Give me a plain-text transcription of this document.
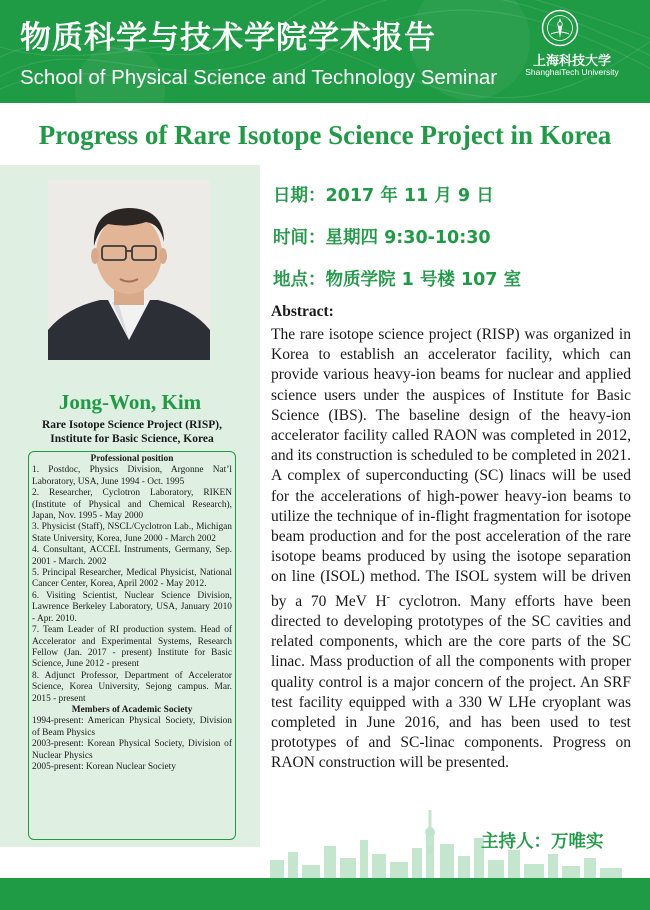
物质科学与技术学院学术报告
School of Physical Science and Technology Seminar
上海科技大学
ShanghaiTech University
Progress of Rare Isotope Science Project in Korea
Jong-Won, Kim
Rare Isotope Science Project (RISP),
Institute for Basic Science, Korea
Professional position
1. Postdoc, Physics Division, Argonne Nat’l Laboratory, USA, June 1994 - Oct. 1995
2. Researcher, Cyclotron Laboratory, RIKEN (Institute of Physical and Chemical Research), Japan, Nov. 1995 - May 2000
3. Physicist (Staff), NSCL/Cyclotron Lab., Michigan State University, Korea, June 2000 - March 2002
4. Consultant, ACCEL Instruments, Germany, Sep. 2001 - March. 2002
5. Principal Researcher, Medical Physicist, National Cancer Center, Korea, April 2002 - May 2012.
6. Visiting Scientist, Nuclear Science Division, Lawrence Berkeley Laboratory, USA, January 2010 - Apr. 2010.
7. Team Leader of RI production system. Head of Accelerator and Experimental Systems, Research Fellow (Jan. 2017 - present) Institute for Basic Science, June 2012 - present
8. Adjunct Professor, Department of Accelerator Science, Korea University, Sejong campus. Mar. 2015 - present
Members of Academic Society
1994-present: American Physical Society, Division of Beam Physics
2003-present: Korean Physical Society, Division of Nuclear Physics
2005-present: Korean Nuclear Society
日期：2017 年 11 月 9 日
时间：星期四 9:30-10:30
地点：物质学院 1 号楼 107 室
Abstract:
The rare isotope science project (RISP) was organized in Korea to establish an accelerator facility, which can provide various heavy-ion beams for nuclear and applied science users under the auspices of Institute for Basic Science (IBS). The baseline design of the heavy-ion accelerator facility called RAON was completed in 2012, and its construction is scheduled to be completed in 2021. A complex of superconducting (SC) linacs will be used for the accelerations of high-power heavy-ion beams to utilize the technique of in-flight fragmentation for isotope beam production and for the post acceleration of the rare isotope beams produced by using the isotope separation on line (ISOL) method. The ISOL system will be driven by a 70 MeV H- cyclotron. Many efforts have been directed to developing prototypes of the SC cavities and related components, which are the core parts of the SC linac. Mass production of all the components with proper quality control is a major concern of the project. An SRF test facility equipped with a 330 W LHe cryoplant was completed in June 2016, and has been used to test prototypes of and SC-linac components. Progress on RAON construction will be presented.
主持人：万唯实
